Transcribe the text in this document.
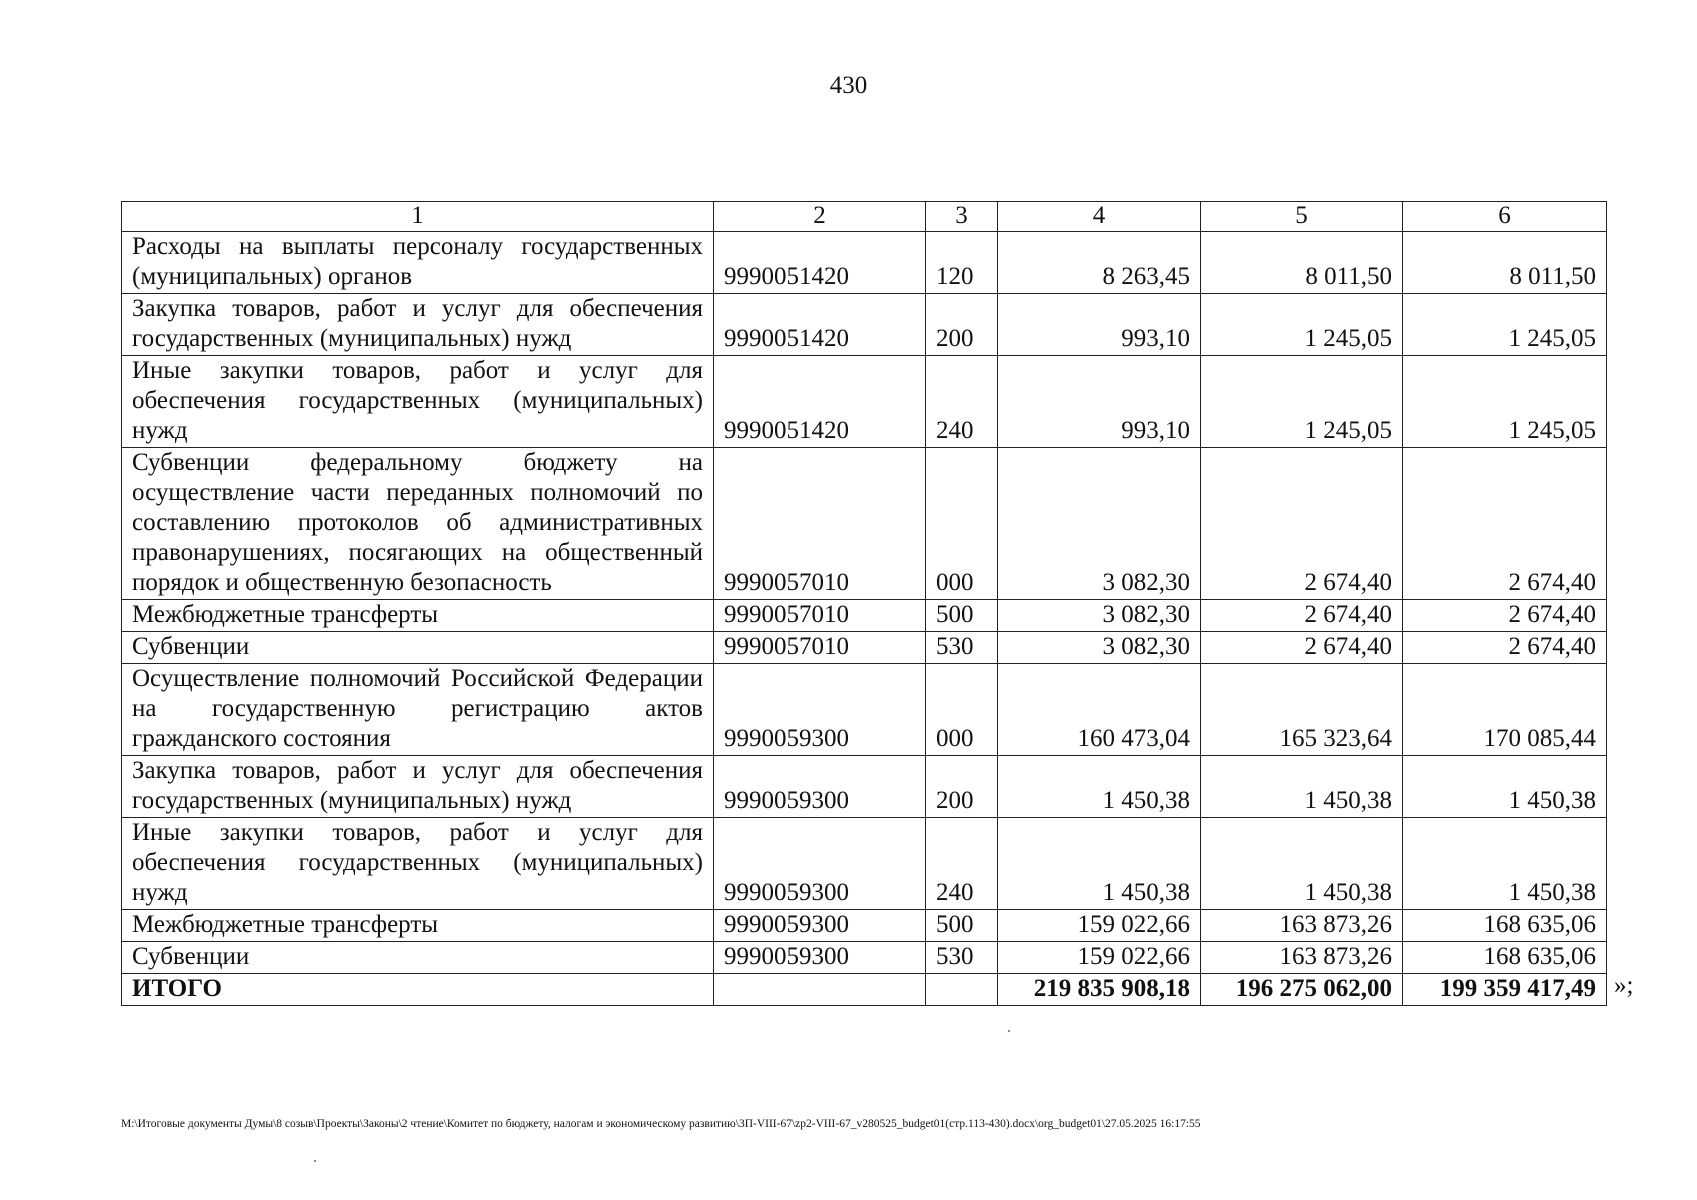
430
1	2	3	4	5	6
Расходы на выплаты персоналу государственных (муниципальных) органов	9990051420	120	8 263,45	8 011,50	8 011,50
Закупка товаров, работ и услуг для обеспечения государственных (муниципальных) нужд	9990051420	200	993,10	1 245,05	1 245,05
Иные закупки товаров, работ и услуг для обеспечения государственных (муниципальных) нужд	9990051420	240	993,10	1 245,05	1 245,05
Субвенции федеральному бюджету на осуществление части переданных полномочий по составлению протоколов об административных правонарушениях, посягающих на общественный порядок и общественную безопасность	9990057010	000	3 082,30	2 674,40	2 674,40
Межбюджетные трансферты	9990057010	500	3 082,30	2 674,40	2 674,40
Субвенции	9990057010	530	3 082,30	2 674,40	2 674,40
Осуществление полномочий Российской Федерации на государственную регистрацию актов гражданского состояния	9990059300	000	160 473,04	165 323,64	170 085,44
Закупка товаров, работ и услуг для обеспечения государственных (муниципальных) нужд	9990059300	200	1 450,38	1 450,38	1 450,38
Иные закупки товаров, работ и услуг для обеспечения государственных (муниципальных) нужд	9990059300	240	1 450,38	1 450,38	1 450,38
Межбюджетные трансферты	9990059300	500	159 022,66	163 873,26	168 635,06
Субвенции	9990059300	530	159 022,66	163 873,26	168 635,06
ИТОГО			219 835 908,18	196 275 062,00	199 359 417,49 »;
M:\Итоговые документы Думы\8 созыв\Проекты\Законы\2 чтение\Комитет по бюджету, налогам и экономическому развитию\3П-VIII-67\zp2-VIII-67_v280525_budget01(стр.113-430).docx\org_budget01\27.05.2025 16:17:55
